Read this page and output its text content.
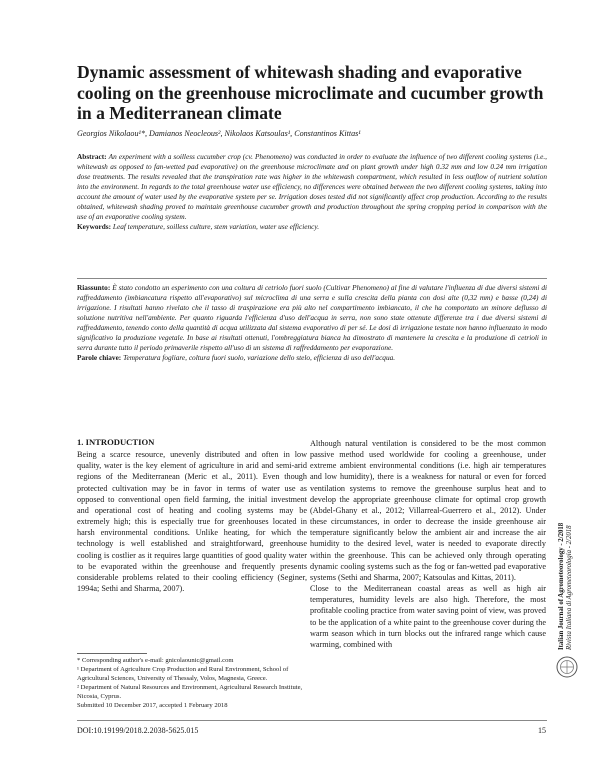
Dynamic assessment of whitewash shading and evaporative cooling on the greenhouse microclimate and cucumber growth in a Mediterranean climate
Georgios Nikolaou¹*, Damianos Neocleous², Nikolaos Katsoulas¹, Constantinos Kittas¹
Abstract: An experiment with a soilless cucumber crop (cv. Phenomeno) was conducted in order to evaluate the influence of two different cooling systems (i.e., whitewash as opposed to fan-wetted pad evaporative) on the greenhouse microclimate and on plant growth under high 0.32 mm and low 0.24 mm irrigation dose treatments. The results revealed that the transpiration rate was higher in the whitewash compartment, which resulted in less outflow of nutrient solution into the environment. In regards to the total greenhouse water use efficiency, no differences were obtained between the two different cooling systems, taking into account the amount of water used by the evaporative system per se. Irrigation doses tested did not significantly affect crop production. According to the results obtained, whitewash shading proved to maintain greenhouse cucumber growth and production throughout the spring cropping period in comparison with the use of an evaporative cooling system.
Keywords: Leaf temperature, soilless culture, stem variation, water use efficiency.
Riassunto: È stato condotto un esperimento con una coltura di cetriolo fuori suolo (Cultivar Phenomeno) al fine di valutare l'influenza di due diversi sistemi di raffreddamento (imbiancatura rispetto all'evaporativo) sul microclima di una serra e sulla crescita della pianta con dosi alte (0,32 mm) e basse (0,24) di irrigazione. I risultati hanno rivelato che il tasso di traspirazione era più alto nel compartimento imbiancato, il che ha comportato un minore deflusso di soluzione nutritiva nell'ambiente. Per quanto riguarda l'efficienza d'uso dell'acqua in serra, non sono state ottenute differenze tra i due diversi sistemi di raffreddamento, tenendo conto della quantità di acqua utilizzata dal sistema evaporativo di per sé. Le dosi di irrigazione testate non hanno influenzato in modo significativo la produzione vegetale. In base ai risultati ottenuti, l'ombreggiatura bianca ha dimostrato di mantenere la crescita e la produzione di cetrioli in serra durante tutto il periodo primaverile rispetto all'uso di un sistema di raffreddamento per evaporazione.
Parole chiave: Temperatura fogliare, coltura fuori suolo, variazione dello stelo, efficienza di uso dell'acqua.
1. INTRODUCTION

Being a scarce resource, unevenly distributed and often in low quality, water is the key element of agriculture in arid and semi-arid regions of the Mediterranean (Meric et al., 2011). Even though protected cultivation may be in favor in terms of water use as opposed to conventional open field farming, the initial investment and operational cost of heating and cooling systems may be extremely high; this is especially true for greenhouses located in harsh environmental conditions. Unlike heating, for which the technology is well established and straightforward, greenhouse cooling is costlier as it requires large quantities of good quality water to be evaporated within the greenhouse and frequently presents considerable problems related to their cooling efficiency (Seginer, 1994a; Sethi and Sharma, 2007).

Although natural ventilation is considered to be the most common passive method used worldwide for cooling a greenhouse, under extreme ambient environmental conditions (i.e. high air temperatures and low humidity), there is a weakness for natural or even for forced ventilation systems to remove the greenhouse surplus heat and to develop the appropriate greenhouse climate for optimal crop growth (Abdel-Ghany et al., 2012; Villarreal-Guerrero et al., 2012). Under these circumstances, in order to decrease the inside greenhouse air temperature significantly below the ambient air and increase the air humidity to the desired level, water is needed to evaporate directly within the greenhouse. This can be achieved only through operating dynamic cooling systems such as the fog or fan-wetted pad evaporative systems (Sethi and Sharma, 2007; Katsoulas and Kittas, 2011).

Close to the Mediterranean coastal areas as well as high air temperatures, humidity levels are also high. Therefore, the most profitable cooling practice from water saving point of view, was proved to be the application of a white paint to the greenhouse cover during the warm season which in turn blocks out the infrared range which cause warming, combined with

* Corresponding author's e-mail: gnicolaounic@gmail.com

¹ Department of Agriculture Crop Production and Rural Environment, School of Agricultural Sciences, University of Thessaly, Volos, Magnesia, Greece.

² Department of Natural Resources and Environment, Agricultural Research Institute, Nicosia, Cyprus.

Submitted 10 December 2017, accepted 1 February 2018

DOI:10.19199/2018.2.2038-5625.015	15
Italian Journal of Agrometeorology - 2/2018 Rivista Italiana di Agrometeorologia - 2/2018
